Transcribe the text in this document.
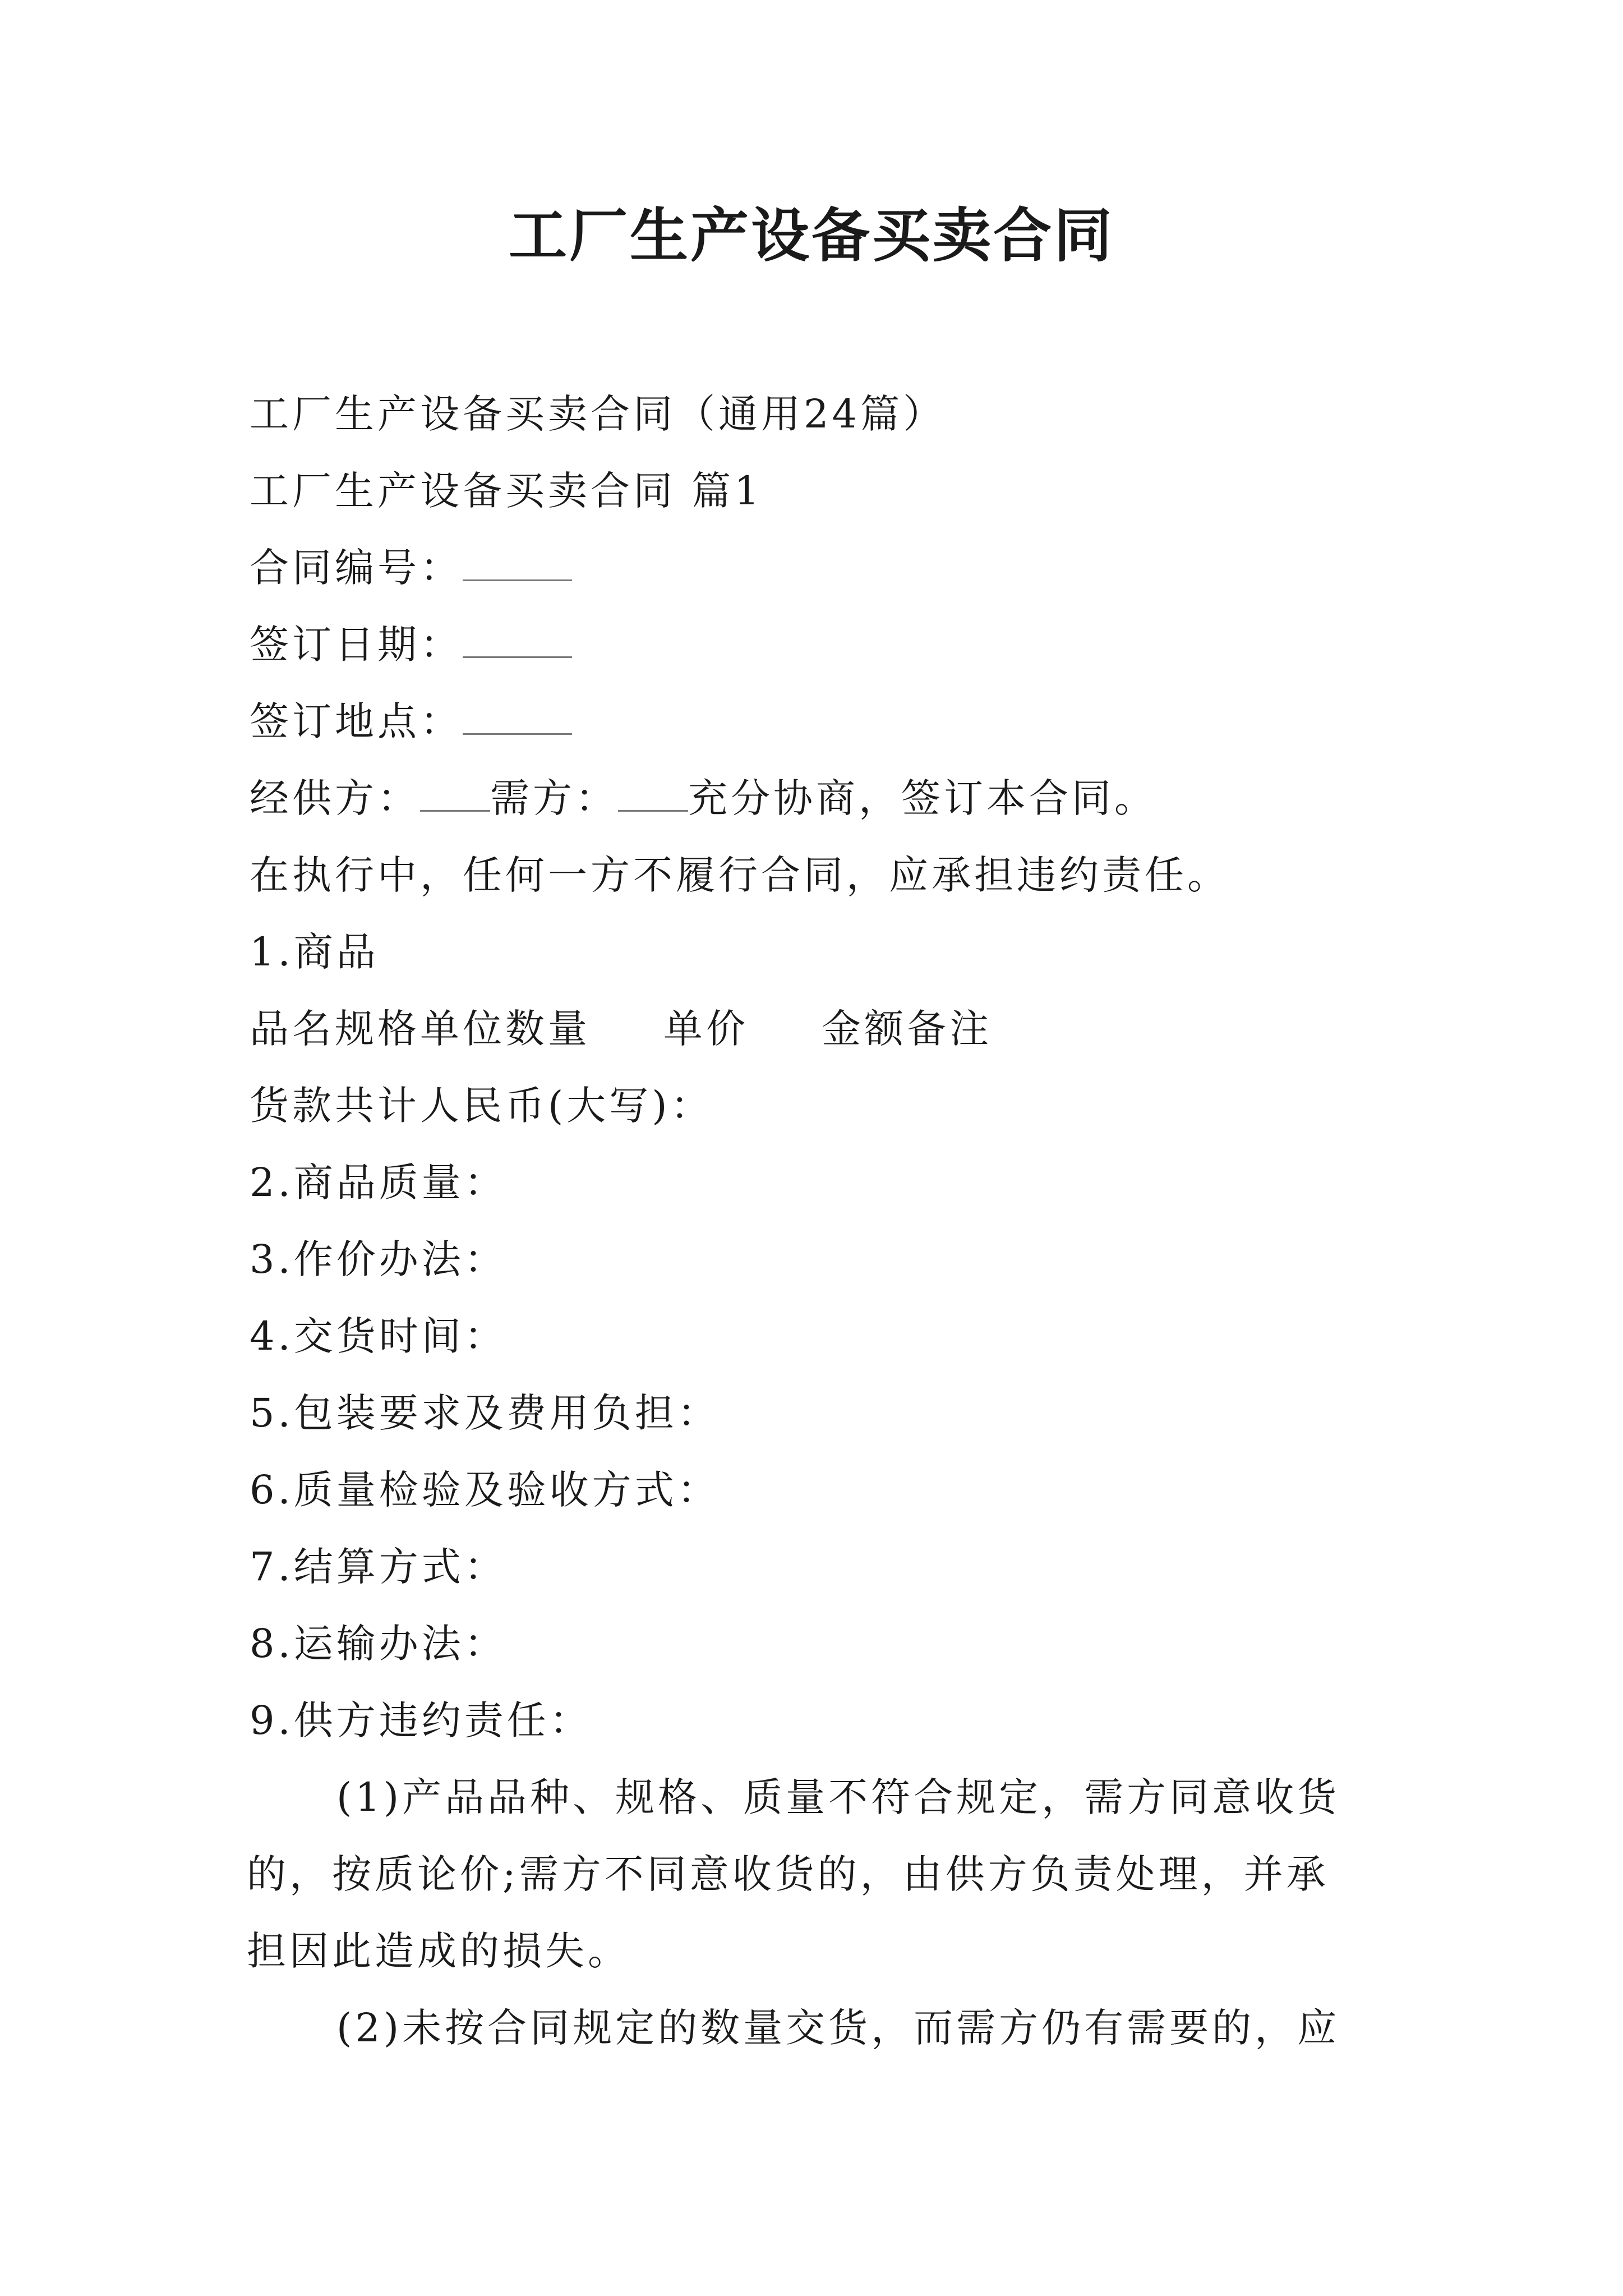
工厂生产设备买卖合同
工厂生产设备买卖合同（通用24篇）
工厂生产设备买卖合同 篇1
合同编号：
签订日期：
签订地点：
经供方： 需方： 充分协商，签订本合同。
在执行中，任何一方不履行合同，应承担违约责任。
1.商品
品名规格单位数量 单价 金额备注
货款共计人民币(大写)：
2.商品质量：
3.作价办法：
4.交货时间：
5.包装要求及费用负担：
6.质量检验及验收方式：
7.结算方式：
8.运输办法：
9.供方违约责任：
(1)产品品种、规格、质量不符合规定，需方同意收货
的，按质论价;需方不同意收货的，由供方负责处理，并承
担因此造成的损失。
(2)未按合同规定的数量交货，而需方仍有需要的，应
